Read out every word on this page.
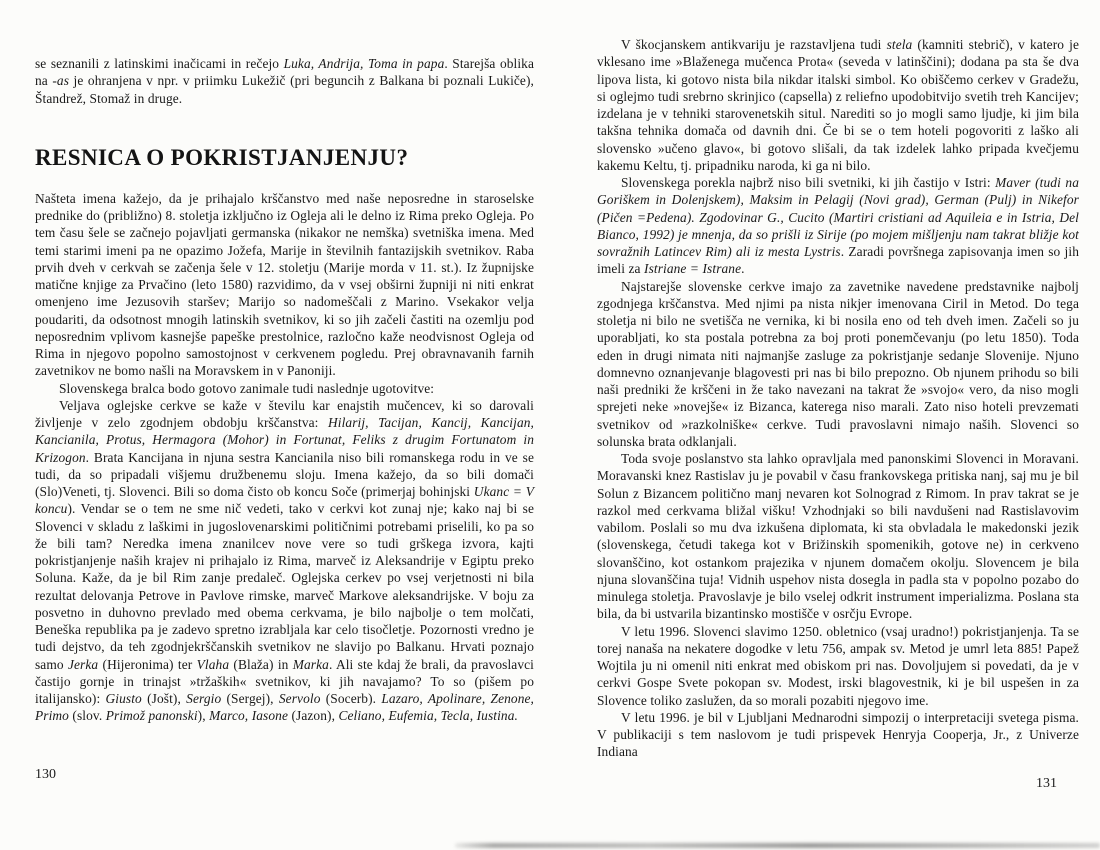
se seznanili z latinskimi inačicami in rečejo Luka, Andrija, Toma in papa. Starejša oblika na -as je ohranjena v npr. v priimku Lukežič (pri beguncih z Balkana bi poznali Lukiče), Štandrež, Stomaž in druge.

RESNICA O POKRISTJANJENJU?

Našteta imena kažejo, da je prihajalo krščanstvo med naše neposredne in staroselske prednike do (približno) 8. stoletja izključno iz Ogleja ali le delno iz Rima preko Ogleja. Po tem času šele se začnejo pojavljati germanska (nikakor ne nemška) svetniška imena. Med temi starimi imeni pa ne opazimo Jožefa, Marije in številnih fantazijskih svetnikov. Raba prvih dveh v cerkvah se začenja šele v 12. stoletju (Marije morda v 11. st.). Iz župnijske matične knjige za Prvačino (leto 1580) razvidimo, da v vsej obširni župniji ni niti enkrat omenjeno ime Jezusovih staršev; Marijo so nadomeščali z Marino. Vsekakor velja poudariti, da odsotnost mnogih latinskih svetnikov, ki so jih začeli častiti na ozemlju pod neposrednim vplivom kasnejše papeške prestolnice, razločno kaže neodvisnost Ogleja od Rima in njegovo popolno samostojnost v cerkvenem pogledu. Prej obravnavanih farnih zavetnikov ne bomo našli na Moravskem in v Panoniji.

Slovenskega bralca bodo gotovo zanimale tudi naslednje ugotovitve:

Veljava oglejske cerkve se kaže v številu kar enajstih mučencev, ki so darovali življenje v zelo zgodnjem obdobju krščanstva: Hilarij, Tacijan, Kancij, Kancijan, Kancianila, Protus, Hermagora (Mohor) in Fortunat, Feliks z drugim Fortunatom in Krizogon. Brata Kancijana in njuna sestra Kancianila niso bili romanskega rodu in ve se tudi, da so pripadali višjemu družbenemu sloju. Imena kažejo, da so bili domači (Slo)Veneti, tj. Slovenci. Bili so doma čisto ob koncu Soče (primerjaj bohinjski Ukanc = V koncu). Vendar se o tem ne sme nič vedeti, tako v cerkvi kot zunaj nje; kako naj bi se Slovenci v skladu z laškimi in jugoslovenarskimi političnimi potrebami priselili, ko pa so že bili tam? Neredka imena znanilcev nove vere so tudi grškega izvora, kajti pokristjanjenje naših krajev ni prihajalo iz Rima, marveč iz Aleksandrije v Egiptu preko Soluna. Kaže, da je bil Rim zanje predaleč. Oglejska cerkev po vsej verjetnosti ni bila rezultat delovanja Petrove in Pavlove rimske, marveč Markove aleksandrijske. V boju za posvetno in duhovno prevlado med obema cerkvama, je bilo najbolje o tem molčati, Beneška republika pa je zadevo spretno izrabljala kar celo tisočletje. Pozornosti vredno je tudi dejstvo, da teh zgodnjekrščanskih svetnikov ne slavijo po Balkanu. Hrvati poznajo samo Jerka (Hijeronima) ter Vlaha (Blaža) in Marka. Ali ste kdaj že brali, da pravoslavci častijo gornje in trinajst »tržaških« svetnikov, ki jih navajamo? To so (pišem po italijansko): Giusto (Jošt), Sergio (Sergej), Servolo (Socerb). Lazaro, Apolinare, Zenone, Primo (slov. Primož panonski), Marco, Iasone (Jazon), Celiano, Eufemia, Tecla, Iustina.

130

V škocjanskem antikvariju je razstavljena tudi stela (kamniti stebrič), v katero je vklesano ime »Blaženega mučenca Prota« (seveda v latinščini); dodana pa sta še dva lipova lista, ki gotovo nista bila nikdar italski simbol. Ko obiščemo cerkev v Gradežu, si oglejmo tudi srebrno skrinjico (capsella) z reliefno upodobitvijo svetih treh Kancijev; izdelana je v tehniki starovenetskih situl. Narediti so jo mogli samo ljudje, ki jim bila takšna tehnika domača od davnih dni. Če bi se o tem hoteli pogovoriti z laško ali slovensko »učeno glavo«, bi gotovo slišali, da tak izdelek lahko pripada kvečjemu kakemu Keltu, tj. pripadniku naroda, ki ga ni bilo.

Slovenskega porekla najbrž niso bili svetniki, ki jih častijo v Istri: Maver (tudi na Goriškem in Dolenjskem), Maksim in Pelagij (Novi grad), German (Pulj) in Nikefor (Pičen =Pedena). Zgodovinar G., Cucito (Martiri cristiani ad Aquileia e in Istria, Del Bianco, 1992) je mnenja, da so prišli iz Sirije (po mojem mišljenju nam takrat bližje kot sovražnih Latincev Rim) ali iz mesta Lystris. Zaradi površnega zapisovanja imen so jih imeli za Istriane = Istrane.

Najstarejše slovenske cerkve imajo za zavetnike navedene predstavnike najbolj zgodnjega krščanstva. Med njimi pa nista nikjer imenovana Ciril in Metod. Do tega stoletja ni bilo ne svetišča ne vernika, ki bi nosila eno od teh dveh imen. Začeli so ju uporabljati, ko sta postala potrebna za boj proti ponemčevanju (po letu 1850). Toda eden in drugi nimata niti najmanjše zasluge za pokristjanje sedanje Slovenije. Njuno domnevno oznanjevanje blagovesti pri nas bi bilo prepozno. Ob njunem prihodu so bili naši predniki že krščeni in že tako navezani na takrat že »svojo« vero, da niso mogli sprejeti neke »novejše« iz Bizanca, katerega niso marali. Zato niso hoteli prevzemati svetnikov od »razkolniške« cerkve. Tudi pravoslavni nimajo naših. Slovenci so solunska brata odklanjali.

Toda svoje poslanstvo sta lahko opravljala med panonskimi Slovenci in Moravani. Moravanski knez Rastislav ju je povabil v času frankovskega pritiska nanj, saj mu je bil Solun z Bizancem politično manj nevaren kot Solnograd z Rimom. In prav takrat se je razkol med cerkvama bližal višku! Vzhodnjaki so bili navdušeni nad Rastislavovim vabilom. Poslali so mu dva izkušena diplomata, ki sta obvladala le makedonski jezik (slovenskega, četudi takega kot v Brižinskih spomenikih, gotove ne) in cerkveno slovanščino, kot ostankom prajezika v njunem domačem okolju. Slovencem je bila njuna slovanščina tuja! Vidnih uspehov nista dosegla in padla sta v popolno pozabo do minulega stoletja. Pravoslavje je bilo vselej odkrit instrument imperializma. Poslana sta bila, da bi ustvarila bizantinsko mostišče v osrčju Evrope.

V letu 1996. Slovenci slavimo 1250. obletnico (vsaj uradno!) pokristjanjenja. Ta se torej nanaša na nekatere dogodke v letu 756, ampak sv. Metod je umrl leta 885! Papež Wojtila ju ni omenil niti enkrat med obiskom pri nas. Dovoljujem si povedati, da je v cerkvi Gospe Svete pokopan sv. Modest, irski blagovestnik, ki je bil uspešen in za Slovence toliko zaslužen, da so morali pozabiti njegovo ime.

V letu 1996. je bil v Ljubljani Mednarodni simpozij o interpretaciji svetega pisma. V publikaciji s tem naslovom je tudi prispevek Henryja Cooperja, Jr., z Univerze Indiana

131
